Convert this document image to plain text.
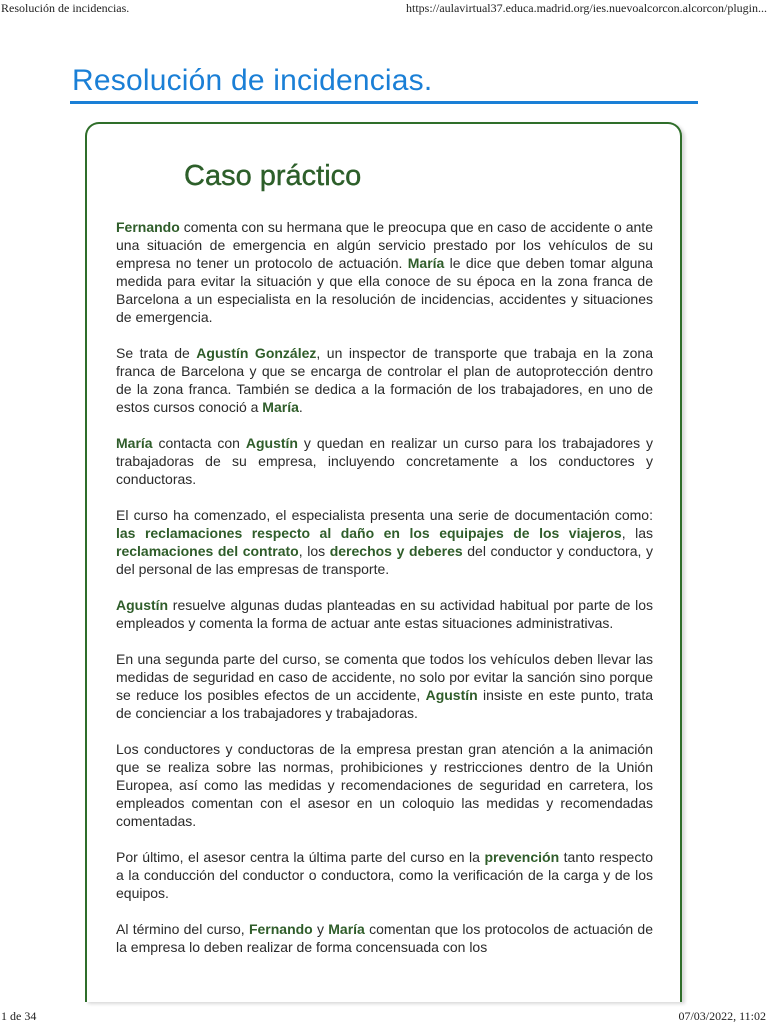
Resolución de incidencias.	https://aulavirtual37.educa.madrid.org/ies.nuevoalcorcon.alcorcon/plugin...
Resolución de incidencias.
Caso práctico

Fernando comenta con su hermana que le preocupa que en caso de accidente o ante una situación de emergencia en algún servicio prestado por los vehículos de su empresa no tener un protocolo de actuación. María le dice que deben tomar alguna medida para evitar la situación y que ella conoce de su época en la zona franca de Barcelona a un especialista en la resolución de incidencias, accidentes y situaciones de emergencia.

Se trata de Agustín González, un inspector de transporte que trabaja en la zona franca de Barcelona y que se encarga de controlar el plan de autoprotección dentro de la zona franca. También se dedica a la formación de los trabajadores, en uno de estos cursos conoció a María.

María contacta con Agustín y quedan en realizar un curso para los trabajadores y trabajadoras de su empresa, incluyendo concretamente a los conductores y conductoras.

El curso ha comenzado, el especialista presenta una serie de documentación como: las reclamaciones respecto al daño en los equipajes de los viajeros, las reclamaciones del contrato, los derechos y deberes del conductor y conductora, y del personal de las empresas de transporte.

Agustín resuelve algunas dudas planteadas en su actividad habitual por parte de los empleados y comenta la forma de actuar ante estas situaciones administrativas.

En una segunda parte del curso, se comenta que todos los vehículos deben llevar las medidas de seguridad en caso de accidente, no solo por evitar la sanción sino porque se reduce los posibles efectos de un accidente, Agustín insiste en este punto, trata de concienciar a los trabajadores y trabajadoras.

Los conductores y conductoras de la empresa prestan gran atención a la animación que se realiza sobre las normas, prohibiciones y restricciones dentro de la Unión Europea, así como las medidas y recomendaciones de seguridad en carretera, los empleados comentan con el asesor en un coloquio las medidas y recomendadas comentadas.

Por último, el asesor centra la última parte del curso en la prevención tanto respecto a la conducción del conductor o conductora, como la verificación de la carga y de los equipos.

Al término del curso, Fernando y María comentan que los protocolos de actuación de la empresa lo deben realizar de forma concensuada con los

1 de 34	07/03/2022, 11:02
